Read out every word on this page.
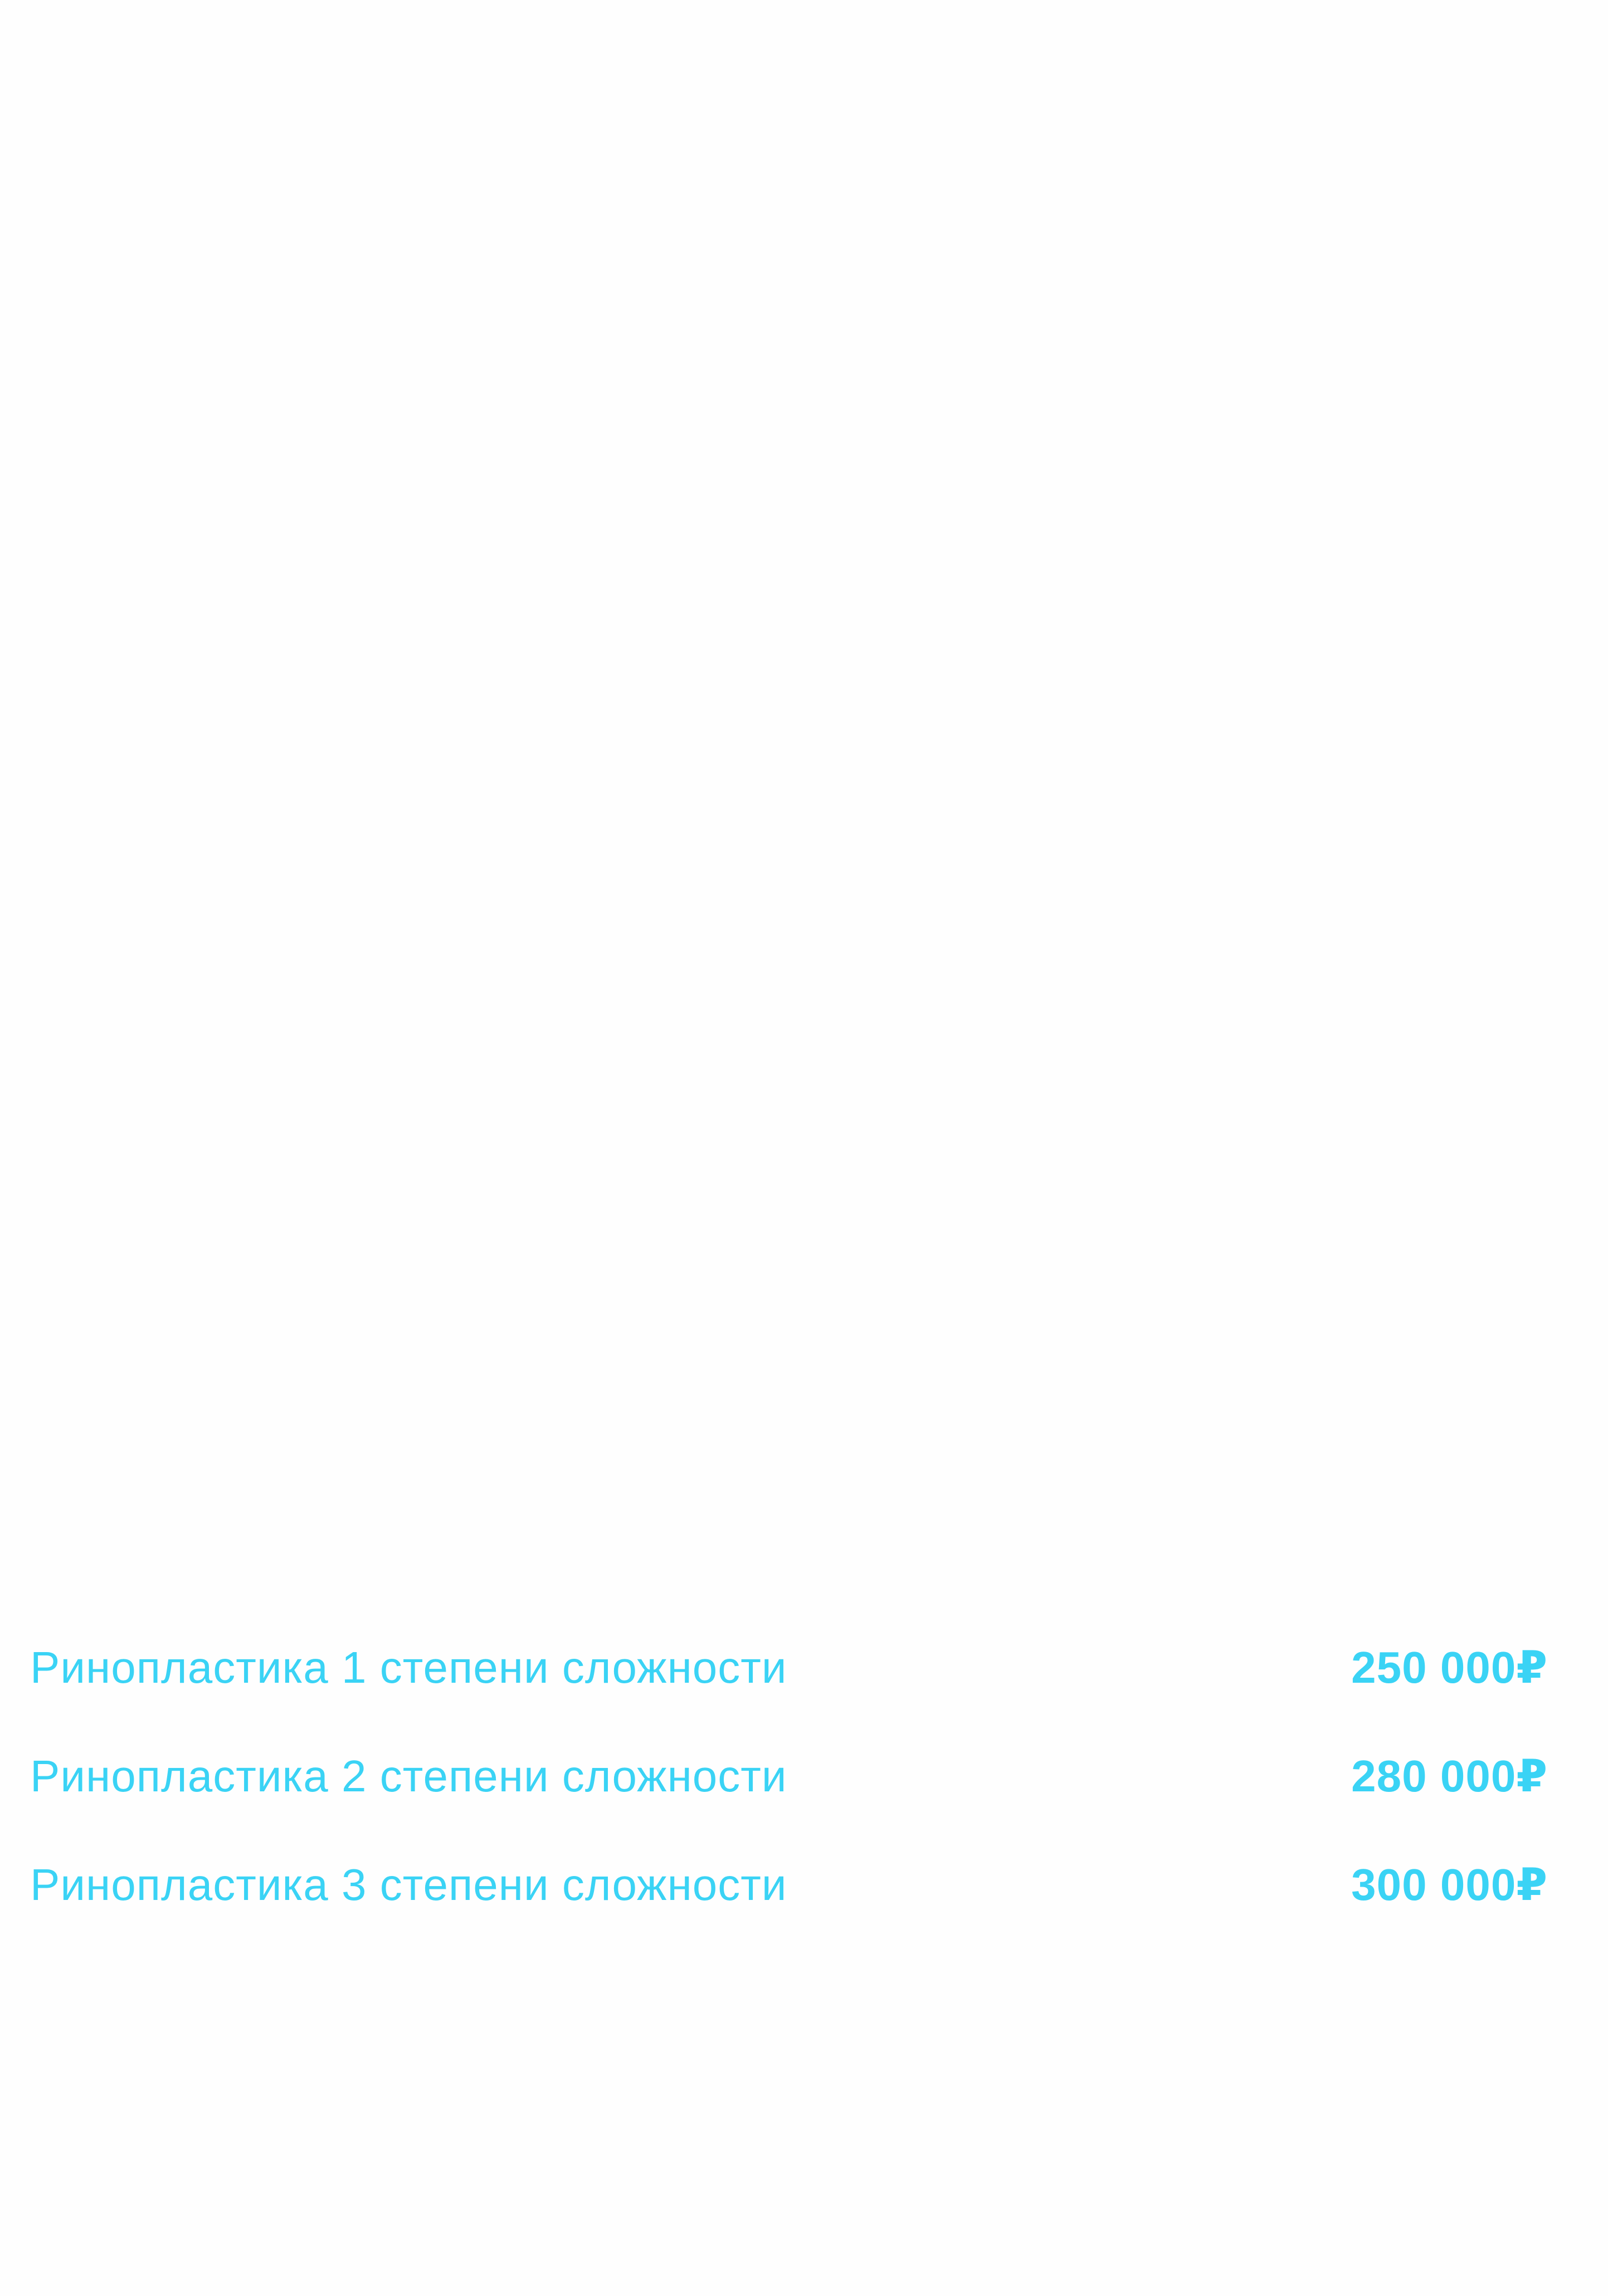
Ринопластика 1 степени сложности	250 000₽
Ринопластика 2 степени сложности	280 000₽
Ринопластика 3 степени сложности	300 000₽
